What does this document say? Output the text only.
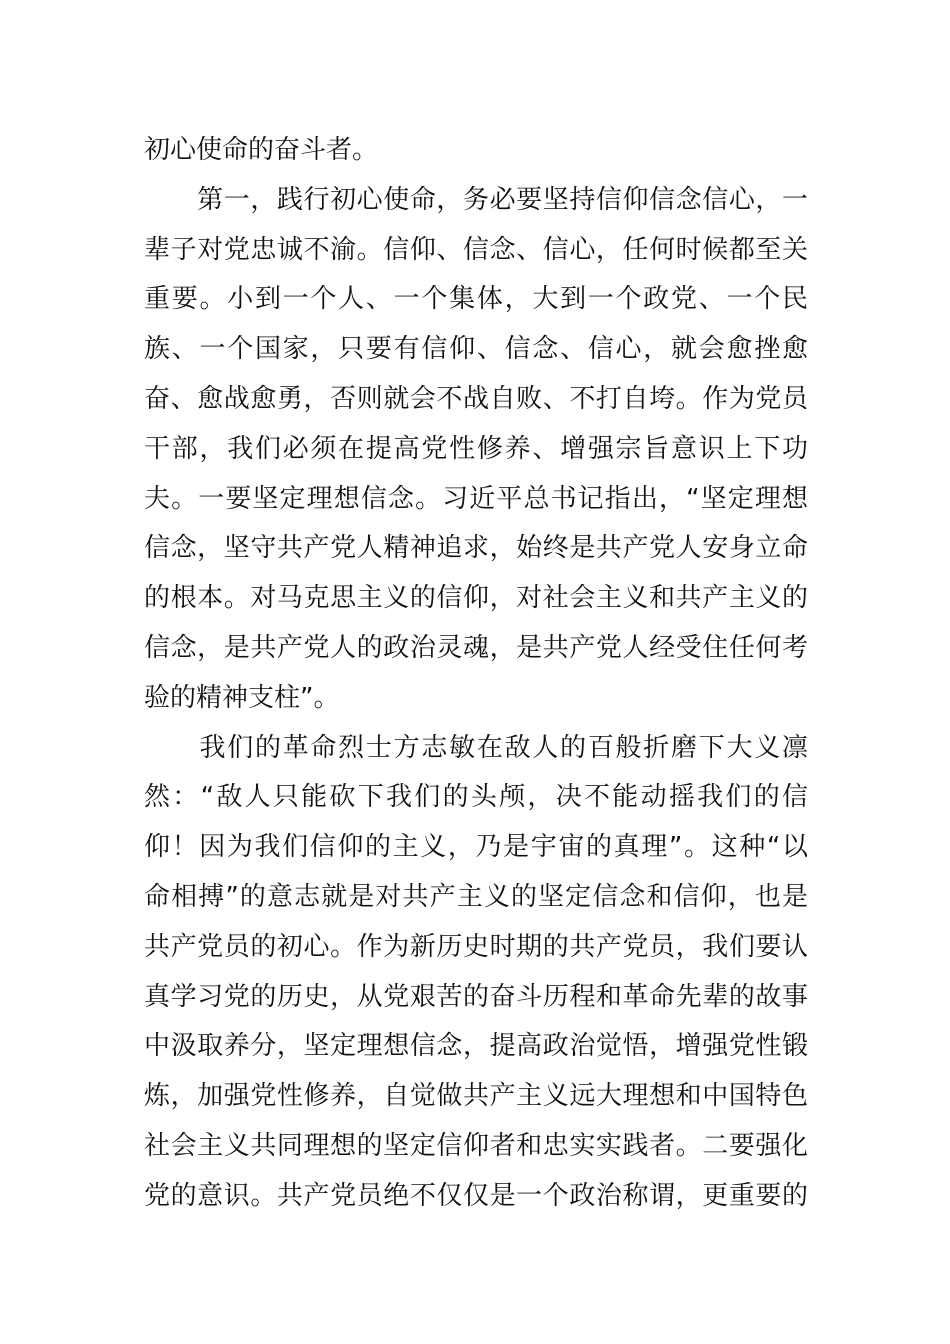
初心使命的奋斗者。
　　第一，践行初心使命，务必要坚持信仰信念信心，一
辈子对党忠诚不渝。信仰、信念、信心，任何时候都至关
重要。小到一个人、一个集体，大到一个政党、一个民
族、一个国家，只要有信仰、信念、信心，就会愈挫愈
奋、愈战愈勇，否则就会不战自败、不打自垮。作为党员
干部，我们必须在提高党性修养、增强宗旨意识上下功
夫。一要坚定理想信念。习近平总书记指出，“坚定理想
信念，坚守共产党人精神追求，始终是共产党人安身立命
的根本。对马克思主义的信仰，对社会主义和共产主义的
信念，是共产党人的政治灵魂，是共产党人经受住任何考
验的精神支柱”。
　　我们的革命烈士方志敏在敌人的百般折磨下大义凛
然：“敌人只能砍下我们的头颅，决不能动摇我们的信
仰！因为我们信仰的主义，乃是宇宙的真理”。这种“以
命相搏”的意志就是对共产主义的坚定信念和信仰，也是
共产党员的初心。作为新历史时期的共产党员，我们要认
真学习党的历史，从党艰苦的奋斗历程和革命先辈的故事
中汲取养分，坚定理想信念，提高政治觉悟，增强党性锻
炼，加强党性修养，自觉做共产主义远大理想和中国特色
社会主义共同理想的坚定信仰者和忠实实践者。二要强化
党的意识。共产党员绝不仅仅是一个政治称谓，更重要的
